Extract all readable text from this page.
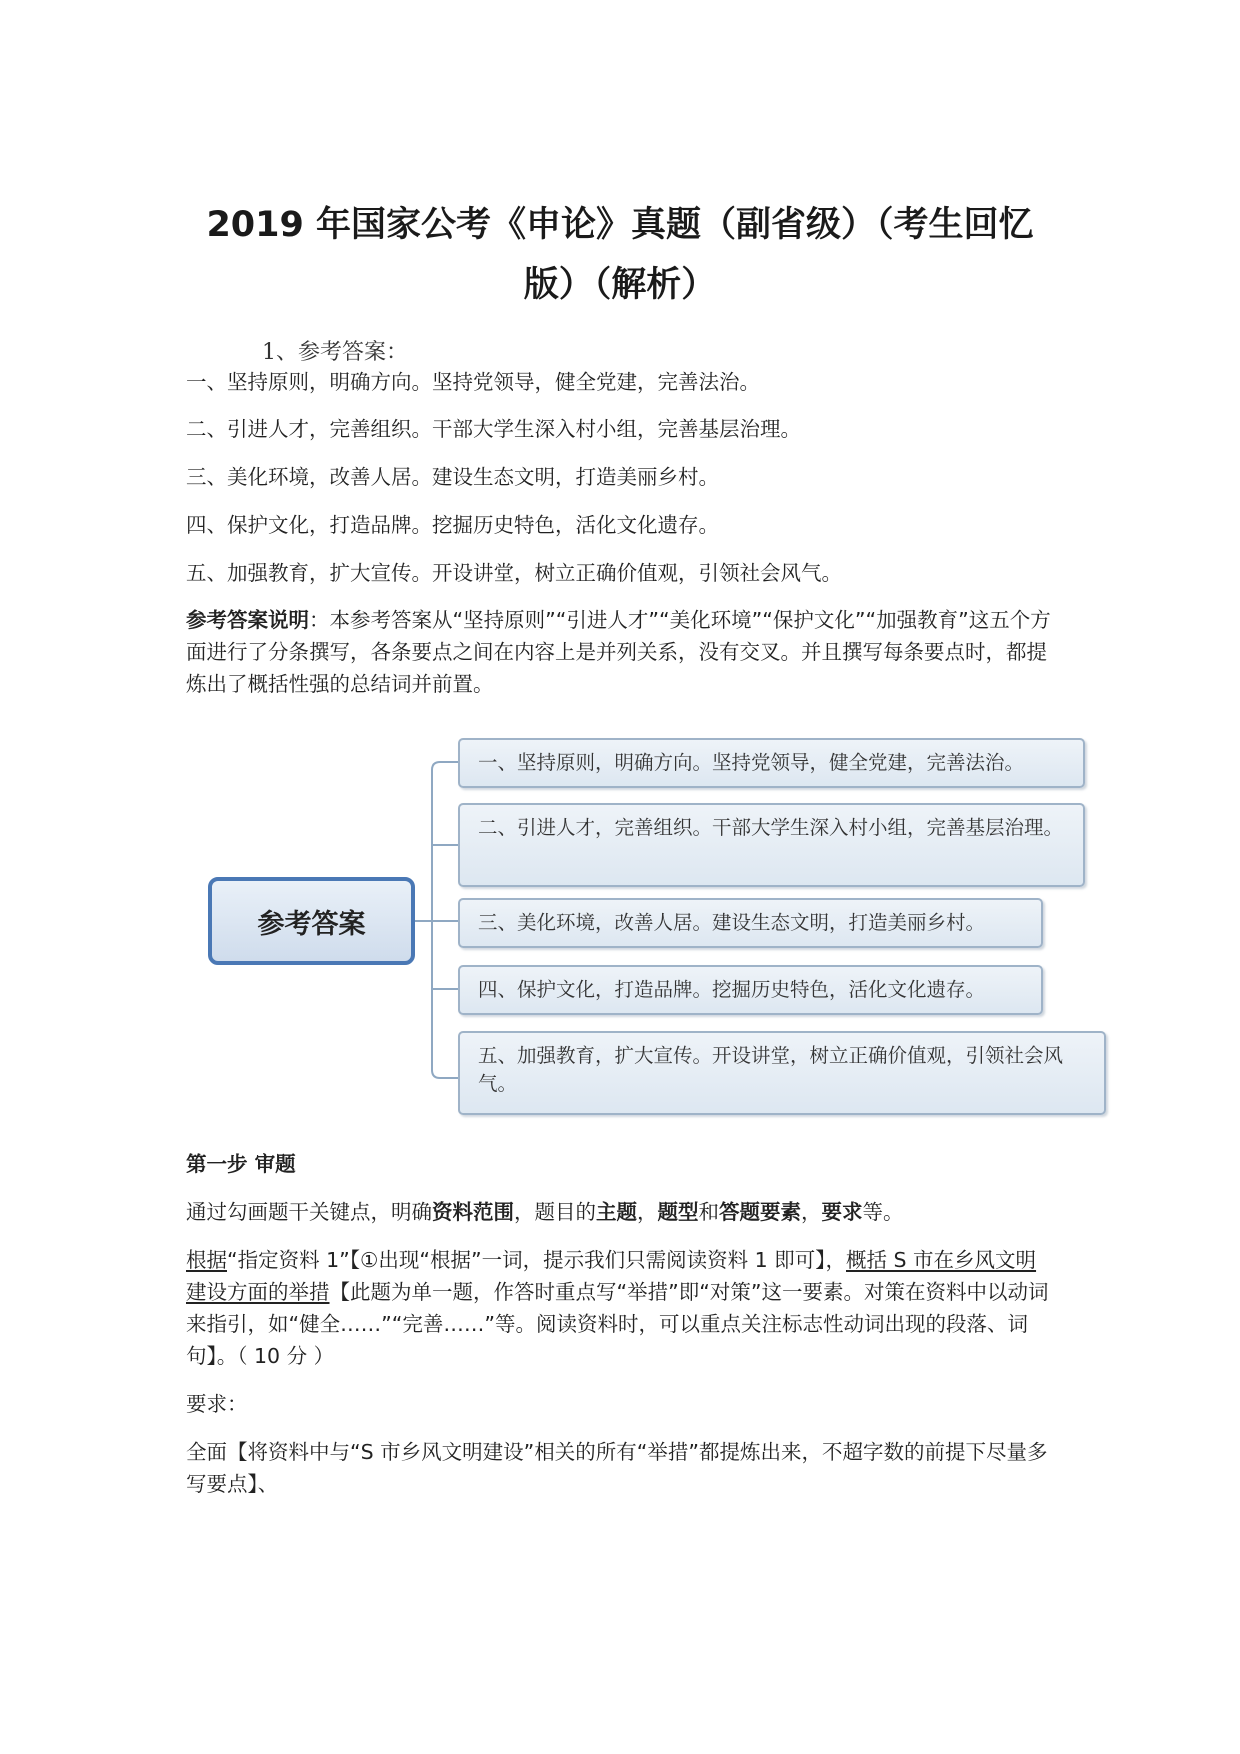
2019 年国家公考《申论》真题（副省级）（考生回忆
版）（解析）
1、参考答案：
一、坚持原则，明确方向。坚持党领导，健全党建，完善法治。
二、引进人才，完善组织。干部大学生深入村小组，完善基层治理。
三、美化环境，改善人居。建设生态文明，打造美丽乡村。
四、保护文化，打造品牌。挖掘历史特色，活化文化遗存。
五、加强教育，扩大宣传。开设讲堂，树立正确价值观，引领社会风气。
参考答案说明：本参考答案从“坚持原则”“引进人才”“美化环境”“保护文化”“加强教育”这五个方面进行了分条撰写，各条要点之间在内容上是并列关系，没有交叉。并且撰写每条要点时，都提炼出了概括性强的总结词并前置。
参考答案
一、坚持原则，明确方向。坚持党领导，健全党建，完善法治。
二、引进人才，完善组织。干部大学生深入村小组，完善基层治理。
三、美化环境，改善人居。建设生态文明，打造美丽乡村。
四、保护文化，打造品牌。挖掘历史特色，活化文化遗存。
五、加强教育，扩大宣传。开设讲堂，树立正确价值观，引领社会风气。
第一步 审题
通过勾画题干关键点，明确资料范围，题目的主题，题型和答题要素，要求等。
根据“指定资料 1”【①出现“根据”一词，提示我们只需阅读资料 1 即可】，概括 S 市在乡风文明建设方面的举措【此题为单一题，作答时重点写“举措”即“对策”这一要素。对策在资料中以动词来指引，如“健全……”“完善……”等。阅读资料时，可以重点关注标志性动词出现的段落、词句】。（ 10 分 ）
要求：
全面【将资料中与“S 市乡风文明建设”相关的所有“举措”都提炼出来，不超字数的前提下尽量多写要点】、
